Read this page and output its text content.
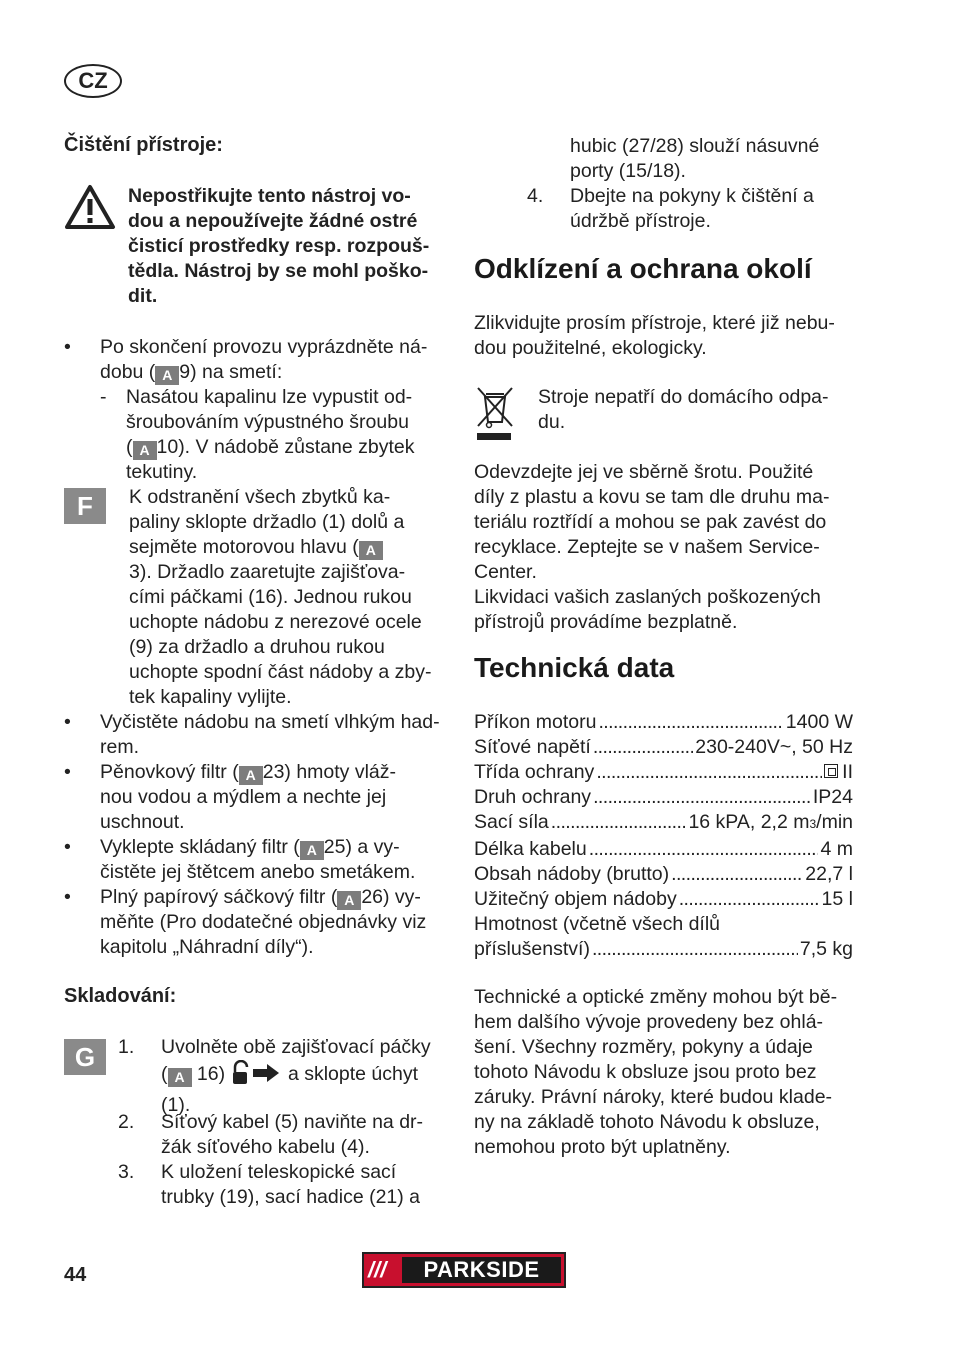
CZ
Čištění přístroje:
Nepostřikujte tento nástroj vo-
dou a nepoužívejte žádné ostré
čisticí prostředky resp. rozpouš-
tědla. Nástroj by se mohl poško-
dit.
• Po skončení provozu vyprázdněte ná-
dobu ( A 9) na smetí:
- Nasátou kapalinu lze vypustit od-
šroubováním výpustného šroubu
( A 10). V nádobě zůstane zbytek
tekutiny.
F	K odstranění všech zbytků ka-
paliny sklopte držadlo (1) dolů a
sejměte motorovou hlavu ( A
3). Držadlo zaaretujte zajišťova-
cími páčkami (16). Jednou rukou
uchopte nádobu z nerezové ocele
(9) za držadlo a druhou rukou
uchopte spodní část nádoby a zby-
tek kapaliny vylijte.
• Vyčistěte nádobu na smetí vlhkým had-
rem.
• Pěnovkový filtr ( A 23) hmoty vláž-
nou vodou a mýdlem a nechte jej
uschnout.
• Vyklepte skládaný filtr ( A 25) a vy-
čistěte jej štětcem anebo smetákem.
• Plný papírový sáčkový filtr ( A 26) vy-
měňte (Pro dodatečné objednávky viz
kapitolu „Náhradní díly“).
Skladování:
G	1. Uvolněte obě zajišťovací páčky
( A 16)	a sklopte úchyt
(1).
2. Síťový kabel (5) naviňte na dr-
žák síťového kabelu (4).
3. K uložení teleskopické sací
trubky (19), sací hadice (21) a
hubic (27/28) slouží násuvné
porty (15/18).
4. Dbejte na pokyny k čištění a
údržbě přístroje.
Odklízení a ochrana okolí
Zlikvidujte prosím přístroje, které již nebu-
dou použitelné, ekologicky.
Stroje nepatří do domácího odpa-
du.
Odevzdejte jej ve sběrně šrotu. Použité
díly z plastu a kovu se tam dle druhu ma-
teriálu roztřídí a mohou se pak zavést do
recyklace. Zeptejte se v našem Service-
Center.
Likvidaci vašich zaslaných poškozených
přístrojů provádíme bezplatně.
Technická data
Příkon motoru . . .	1400 W
Síťové napětí . . .	230-240V~, 50 Hz
Třída ochrany . . .	II
Druh ochrany . . .	IP24
Sací síla . . .	16 kPA, 2,2 m 3 /min
Délka kabelu . . .	4 m
Obsah nádoby (brutto) . . .	22,7 l
Užitečný objem nádoby . . .	15 l
Hmotnost (včetně všech dílů
příslušenství) . . .	7,5 kg
Technické a optické změny mohou být bě-
hem dalšího vývoje provedeny bez ohlá-
šení. Všechny rozměry, pokyny a údaje
tohoto Návodu k obsluze jsou proto bez
záruky. Právní nároky, které budou klade-
ny na základě tohoto Návodu k obsluze,
nemohou proto být uplatněny.
44	///	PARKSIDE
